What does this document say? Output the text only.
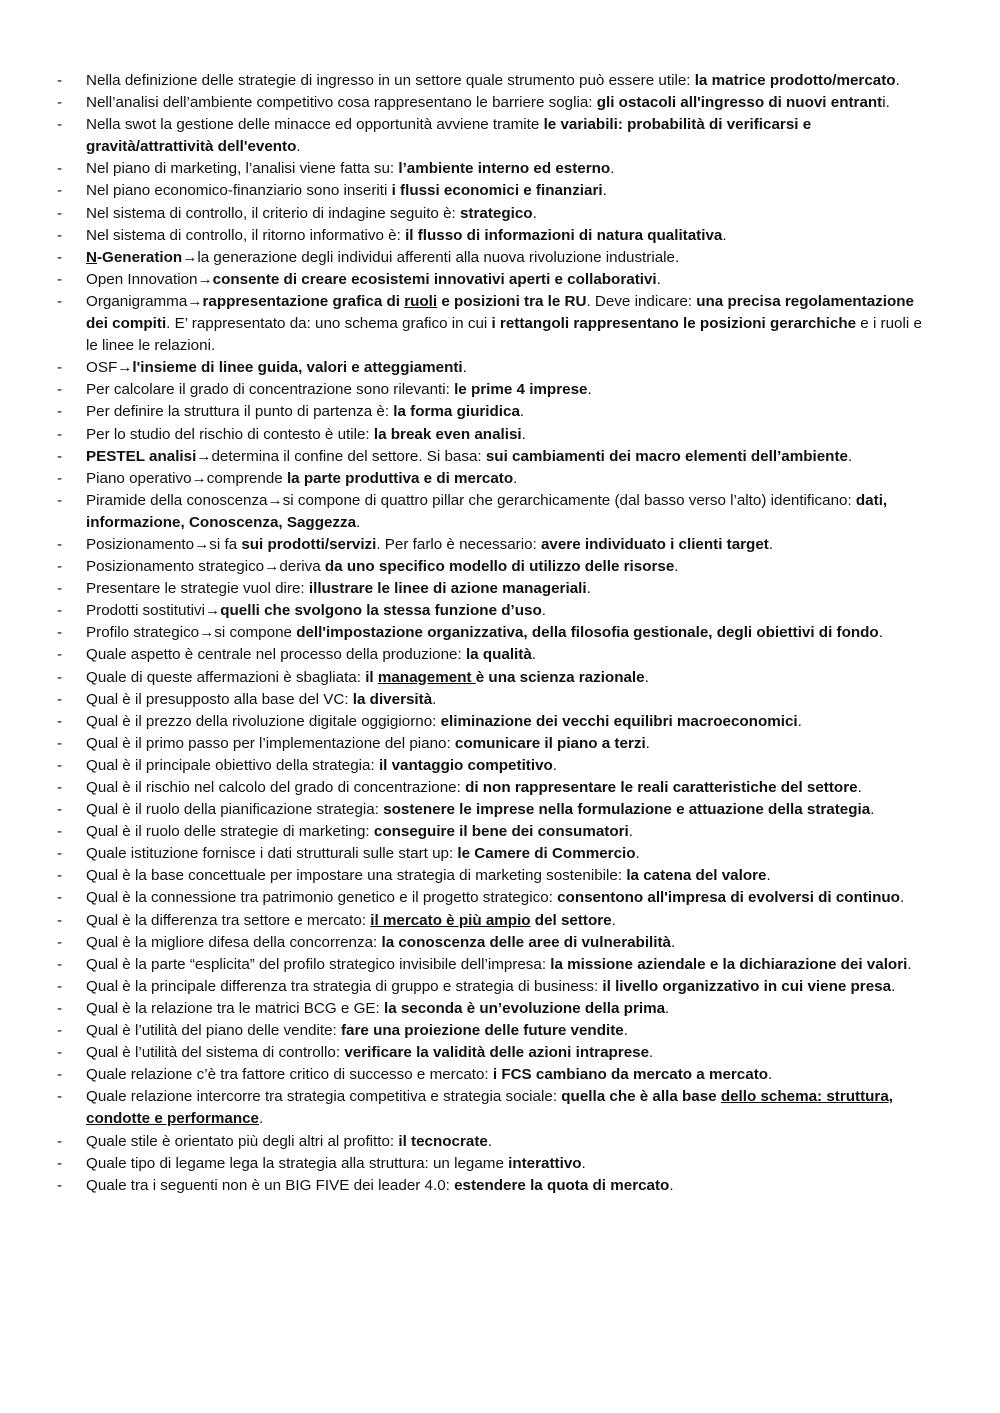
- Nella definizione delle strategie di ingresso in un settore quale strumento può essere utile: la matrice prodotto/mercato.
- Nell’analisi dell’ambiente competitivo cosa rappresentano le barriere soglia: gli ostacoli all'ingresso di nuovi entranti.
- Nella swot la gestione delle minacce ed opportunità avviene tramite le variabili: probabilità di verificarsi e gravità/attrattività dell'evento.
- Nel piano di marketing, l’analisi viene fatta su: l’ambiente interno ed esterno.
- Nel piano economico-finanziario sono inseriti i flussi economici e finanziari.
- Nel sistema di controllo, il criterio di indagine seguito è: strategico.
- Nel sistema di controllo, il ritorno informativo è: il flusso di informazioni di natura qualitativa.
- N-Generation→la generazione degli individui afferenti alla nuova rivoluzione industriale.
- Open Innovation→consente di creare ecosistemi innovativi aperti e collaborativi.
- Organigramma→rappresentazione grafica di ruoli e posizioni tra le RU. Deve indicare: una precisa regolamentazione dei compiti. E’ rappresentato da: uno schema grafico in cui i rettangoli rappresentano le posizioni gerarchiche e i ruoli e le linee le relazioni.
- OSF→l'insieme di linee guida, valori e atteggiamenti.
- Per calcolare il grado di concentrazione sono rilevanti: le prime 4 imprese.
- Per definire la struttura il punto di partenza è: la forma giuridica.
- Per lo studio del rischio di contesto è utile: la break even analisi.
- PESTEL analisi→determina il confine del settore. Si basa: sui cambiamenti dei macro elementi dell’ambiente.
- Piano operativo→comprende la parte produttiva e di mercato.
- Piramide della conoscenza→si compone di quattro pillar che gerarchicamente (dal basso verso l’alto) identificano: dati, informazione, Conoscenza, Saggezza.
- Posizionamento→si fa sui prodotti/servizi. Per farlo è necessario: avere individuato i clienti target.
- Posizionamento strategico→deriva da uno specifico modello di utilizzo delle risorse.
- Presentare le strategie vuol dire: illustrare le linee di azione manageriali.
- Prodotti sostitutivi→quelli che svolgono la stessa funzione d’uso.
- Profilo strategico→si compone dell'impostazione organizzativa, della filosofia gestionale, degli obiettivi di fondo.
- Quale aspetto è centrale nel processo della produzione: la qualità.
- Quale di queste affermazioni è sbagliata: il management è una scienza razionale.
- Qual è il presupposto alla base del VC: la diversità.
- Qual è il prezzo della rivoluzione digitale oggigiorno: eliminazione dei vecchi equilibri macroeconomici.
- Qual è il primo passo per l’implementazione del piano: comunicare il piano a terzi.
- Qual è il principale obiettivo della strategia: il vantaggio competitivo.
- Qual è il rischio nel calcolo del grado di concentrazione: di non rappresentare le reali caratteristiche del settore.
- Qual è il ruolo della pianificazione strategia: sostenere le imprese nella formulazione e attuazione della strategia.
- Qual è il ruolo delle strategie di marketing: conseguire il bene dei consumatori.
- Quale istituzione fornisce i dati strutturali sulle start up: le Camere di Commercio.
- Qual è la base concettuale per impostare una strategia di marketing sostenibile: la catena del valore.
- Qual è la connessione tra patrimonio genetico e il progetto strategico: consentono all'impresa di evolversi di continuo.
- Qual è la differenza tra settore e mercato: il mercato è più ampio del settore.
- Qual è la migliore difesa della concorrenza: la conoscenza delle aree di vulnerabilità.
- Qual è la parte “esplicita” del profilo strategico invisibile dell’impresa: la missione aziendale e la dichiarazione dei valori.
- Qual è la principale differenza tra strategia di gruppo e strategia di business: il livello organizzativo in cui viene presa.
- Qual è la relazione tra le matrici BCG e GE: la seconda è un’evoluzione della prima.
- Qual è l’utilità del piano delle vendite: fare una proiezione delle future vendite.
- Qual è l’utilità del sistema di controllo: verificare la validità delle azioni intraprese.
- Quale relazione c’è tra fattore critico di successo e mercato: i FCS cambiano da mercato a mercato.
- Quale relazione intercorre tra strategia competitiva e strategia sociale: quella che è alla base dello schema: struttura, condotte e performance.
- Quale stile è orientato più degli altri al profitto: il tecnocrate.
- Quale tipo di legame lega la strategia alla struttura: un legame interattivo.
- Quale tra i seguenti non è un BIG FIVE dei leader 4.0: estendere la quota di mercato.
